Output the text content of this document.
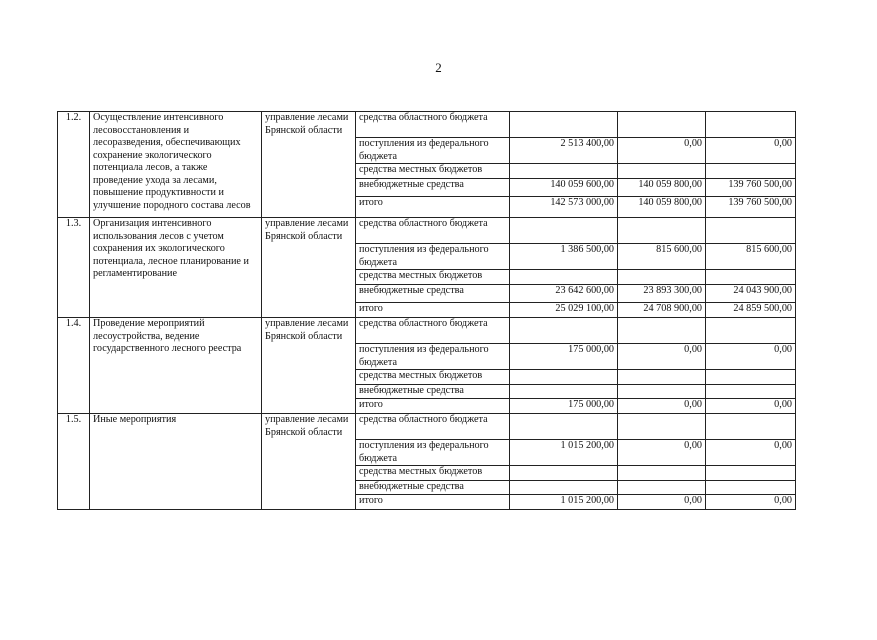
2
1.2.	Осуществление интенсивного лесовосстановления и лесоразведения, обеспечивающих сохранение экологического потенциала лесов, а также проведение ухода за лесами, повышение продуктивности и улучшение породного состава лесов	управление лесами Брянской области	средства областного бюджета			
			поступления из федерального бюджета	2 513 400,00	0,00	0,00
			средства местных бюджетов			
			внебюджетные средства	140 059 600,00	140 059 800,00	139 760 500,00
			итого	142 573 000,00	140 059 800,00	139 760 500,00
1.3.	Организация интенсивного использования лесов с учетом сохранения их экологического потенциала, лесное планирование и регламентирование	управление лесами Брянской области	средства областного бюджета			
			поступления из федерального бюджета	1 386 500,00	815 600,00	815 600,00
			средства местных бюджетов			
			внебюджетные средства	23 642 600,00	23 893 300,00	24 043 900,00
			итого	25 029 100,00	24 708 900,00	24 859 500,00
1.4.	Проведение мероприятий лесоустройства, ведение государственного лесного реестра	управление лесами Брянской области	средства областного бюджета			
			поступления из федерального бюджета	175 000,00	0,00	0,00
			средства местных бюджетов			
			внебюджетные средства			
			итого	175 000,00	0,00	0,00
1.5.	Иные мероприятия	управление лесами Брянской области	средства областного бюджета			
			поступления из федерального бюджета	1 015 200,00	0,00	0,00
			средства местных бюджетов			
			внебюджетные средства			
			итого	1 015 200,00	0,00	0,00
